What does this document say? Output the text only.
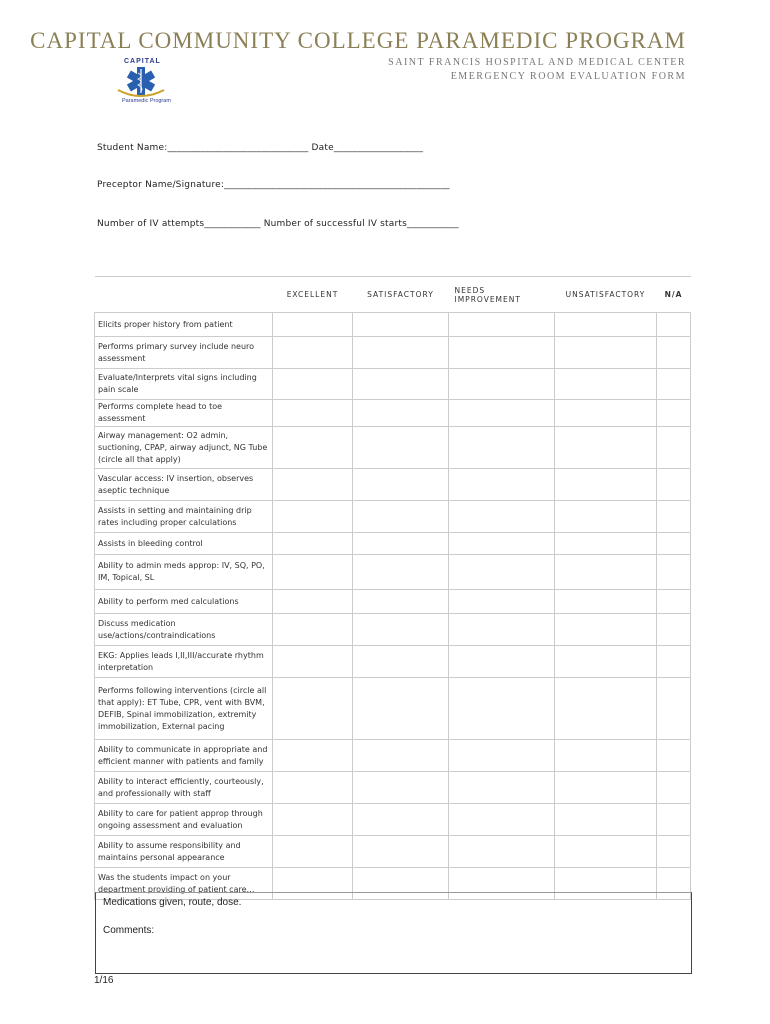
CAPITAL COMMUNITY COLLEGE PARAMEDIC PROGRAM
SAINT FRANCIS HOSPITAL AND MEDICAL CENTER
EMERGENCY ROOM EVALUATION FORM
CAPITAL
Paramedic Program
Student Name:______________________________ Date___________________
Preceptor Name/Signature:________________________________________________
Number of IV attempts____________ Number of successful IV starts___________
	EXCELLENT	SATISFACTORY	NEEDS IMPROVEMENT	UNSATISFACTORY	N/A
Elicits proper history from patient					
Performs primary survey include neuro assessment					
Evaluate/Interprets vital signs including pain scale					
Performs complete head to toe assessment					
Airway management: O2 admin, suctioning, CPAP, airway adjunct, NG Tube (circle all that apply)					
Vascular access: IV insertion, observes aseptic technique					
Assists in setting and maintaining drip rates including proper calculations					
Assists in bleeding control					
Ability to admin meds approp: IV, SQ, PO, IM, Topical, SL					
Ability to perform med calculations					
Discuss medication use/actions/contraindications					
EKG: Applies leads I,II,III/accurate rhythm interpretation					
Performs following interventions (circle all that apply): ET Tube, CPR, vent with BVM, DEFIB, Spinal immobilization, extremity immobilization, External pacing					
Ability to communicate in appropriate and efficient manner with patients and family					
Ability to interact efficiently, courteously, and professionally with staff					
Ability to care for patient approp through ongoing assessment and evaluation					
Ability to assume responsibility and maintains personal appearance					
Was the students impact on your department providing of patient care…					
Medications given, route, dose.
Comments:
1/16
